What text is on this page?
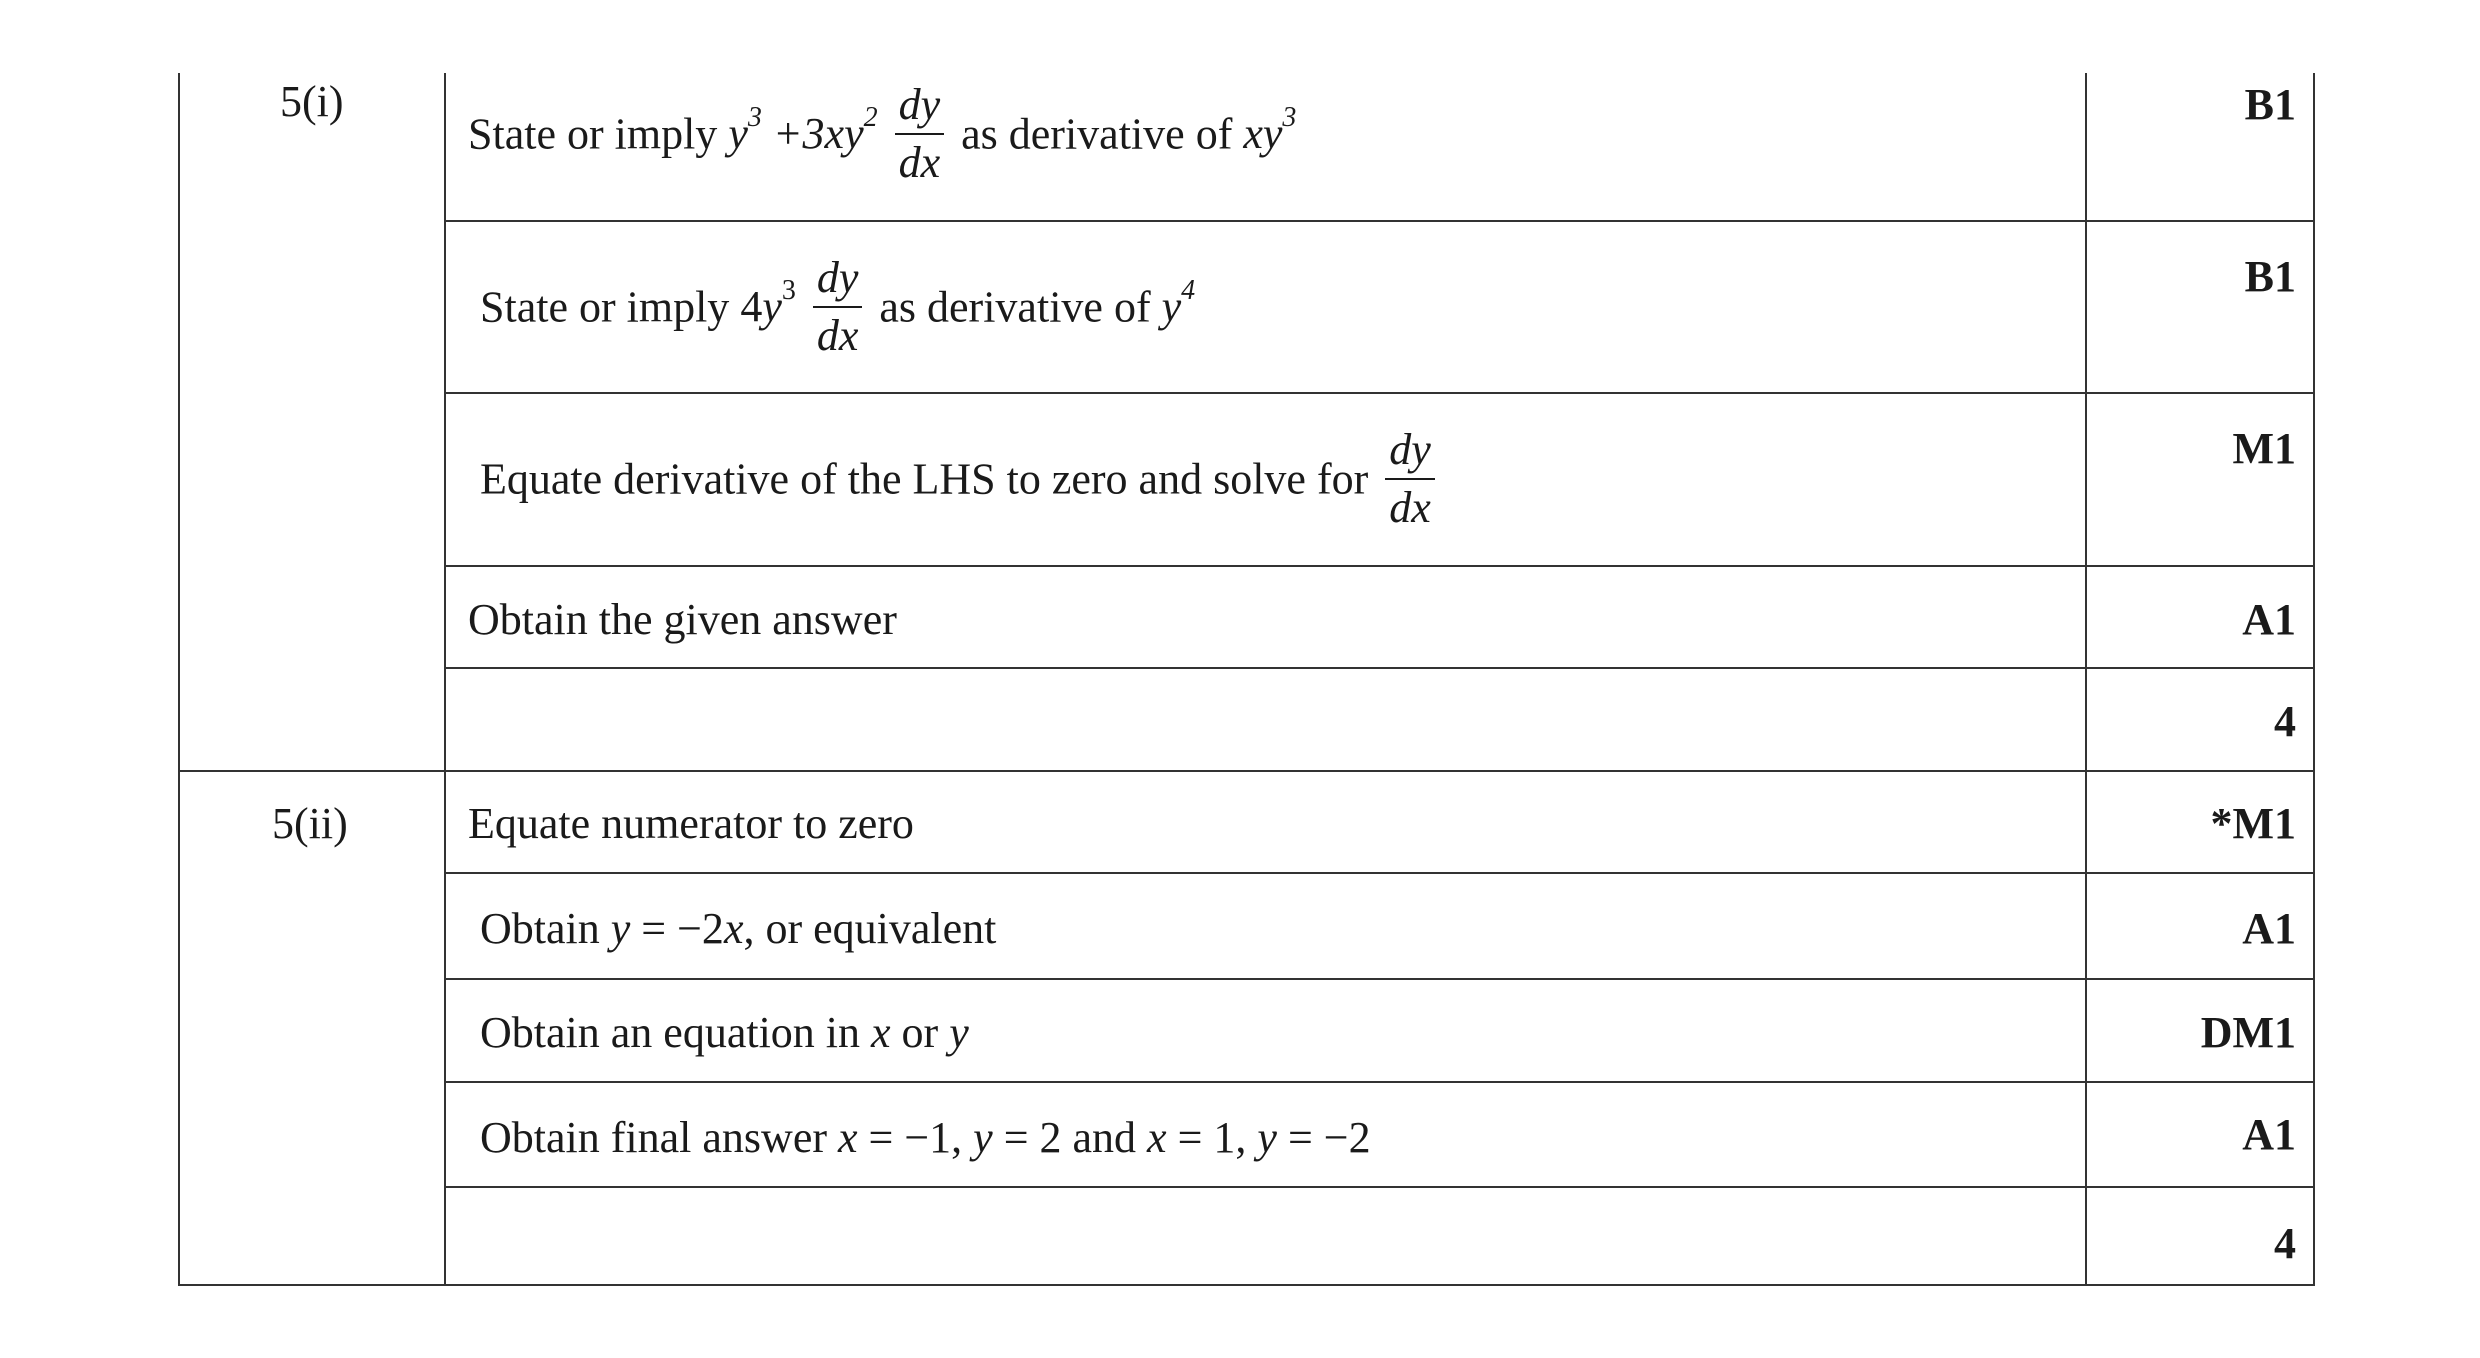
5(i)
5(ii)
State or imply $y^3 +3xy^2 \frac{dy}{dx}$ as derivative of $xy^3$	B1
State or imply $4y^3 \frac{dy}{dx}$ as derivative of $y^4$
Equate derivative of the LHS to zero and solve for $\frac{dy}{dx}$
Obtain the given answer
Equate numerator to zero
Obtain y = −2x, or equivalent
Obtain an equation in x or y
Obtain final answer x = −1, y = 2 and x = 1, y = −2
B1
M1
A1
4
*M1
A1
DM1
A1
4
